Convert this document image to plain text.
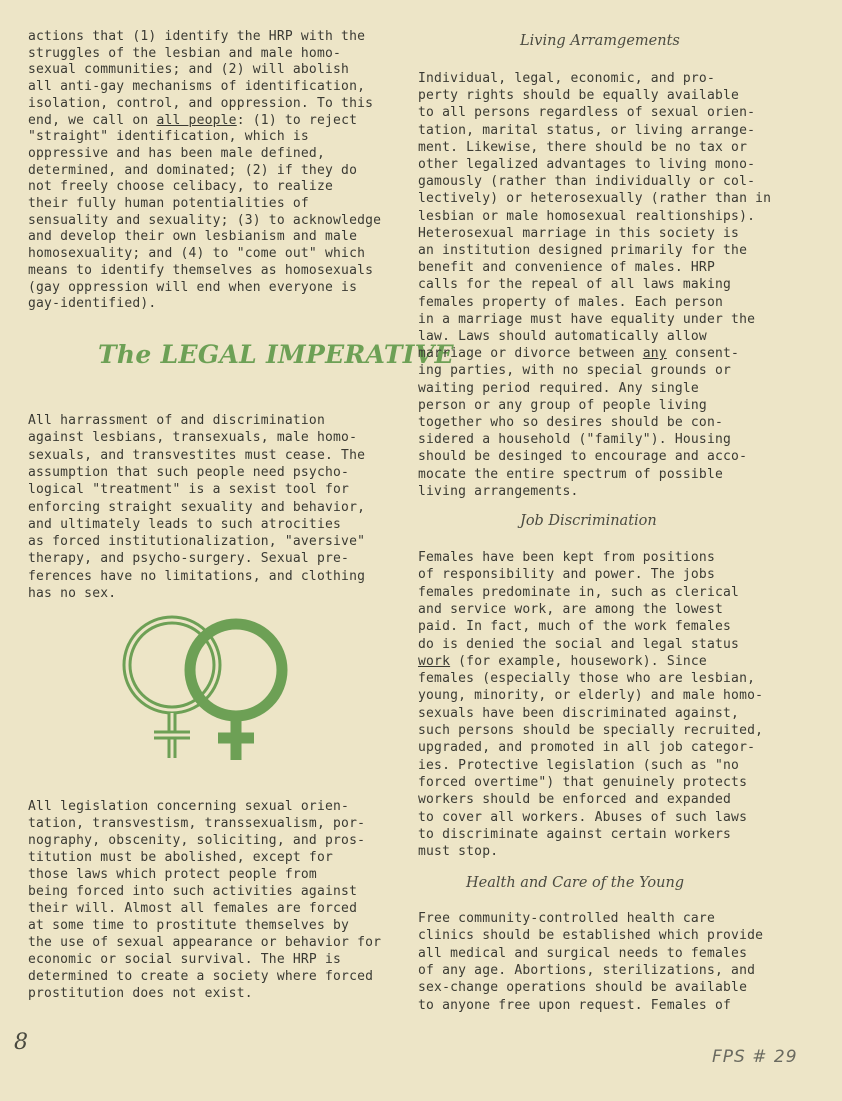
actions that (1) identify the HRP with the
struggles of the lesbian and male homo-
sexual communities; and (2) will abolish
all anti-gay mechanisms of identification,
isolation, control, and oppression. To this
end, we call on all people: (1) to reject
"straight" identification, which is
oppressive and has been male defined,
determined, and dominated; (2) if they do
not freely choose celibacy, to realize
their fully human potentialities of
sensuality and sexuality; (3) to acknowledge
and develop their own lesbianism and male
homosexuality; and (4) to "come out" which
means to identify themselves as homosexuals
(gay oppression will end when everyone is
gay-identified).
The LEGAL IMPERATIVE
All harrassment of and discrimination
against lesbians, transexuals, male homo-
sexuals, and transvestites must cease. The
assumption that such people need psycho-
logical "treatment" is a sexist tool for
enforcing straight sexuality and behavior,
and ultimately leads to such atrocities
as forced institutionalization, "aversive"
therapy, and psycho-surgery. Sexual pre-
ferences have no limitations, and clothing
has no sex.
All legislation concerning sexual orien-
tation, transvestism, transsexualism, por-
nography, obscenity, soliciting, and pros-
titution must be abolished, except for
those laws which protect people from
being forced into such activities against
their will. Almost all females are forced
at some time to prostitute themselves by
the use of sexual appearance or behavior for
economic or social survival. The HRP is
determined to create a society where forced
prostitution does not exist.
Living Arramgements
Individual, legal, economic, and pro-
perty rights should be equally available
to all persons regardless of sexual orien-
tation, marital status, or living arrange-
ment. Likewise, there should be no tax or
other legalized advantages to living mono-
gamously (rather than individually or col-
lectively) or heterosexually (rather than in
lesbian or male homosexual realtionships).
Heterosexual marriage in this society is
an institution designed primarily for the
benefit and convenience of males. HRP
calls for the repeal of all laws making
females property of males. Each person
in a marriage must have equality under the
law. Laws should automatically allow
marriage or divorce between any consent-
ing parties, with no special grounds or
waiting period required. Any single
person or any group of people living
together who so desires should be con-
sidered a household ("family"). Housing
should be desinged to encourage and acco-
mocate the entire spectrum of possible
living arrangements.
Job Discrimination
Females have been kept from positions
of responsibility and power. The jobs
females predominate in, such as clerical
and service work, are among the lowest
paid. In fact, much of the work females
do is denied the social and legal status
work (for example, housework). Since
females (especially those who are lesbian,
young, minority, or elderly) and male homo-
sexuals have been discriminated against,
such persons should be specially recruited,
upgraded, and promoted in all job categor-
ies. Protective legislation (such as "no
forced overtime") that genuinely protects
workers should be enforced and expanded
to cover all workers. Abuses of such laws
to discriminate against certain workers
must stop.
Health and Care of the Young
Free community-controlled health care
clinics should be established which provide
all medical and surgical needs to females
of any age. Abortions, sterilizations, and
sex-change operations should be available
to anyone free upon request. Females of
8
FPS # 29
